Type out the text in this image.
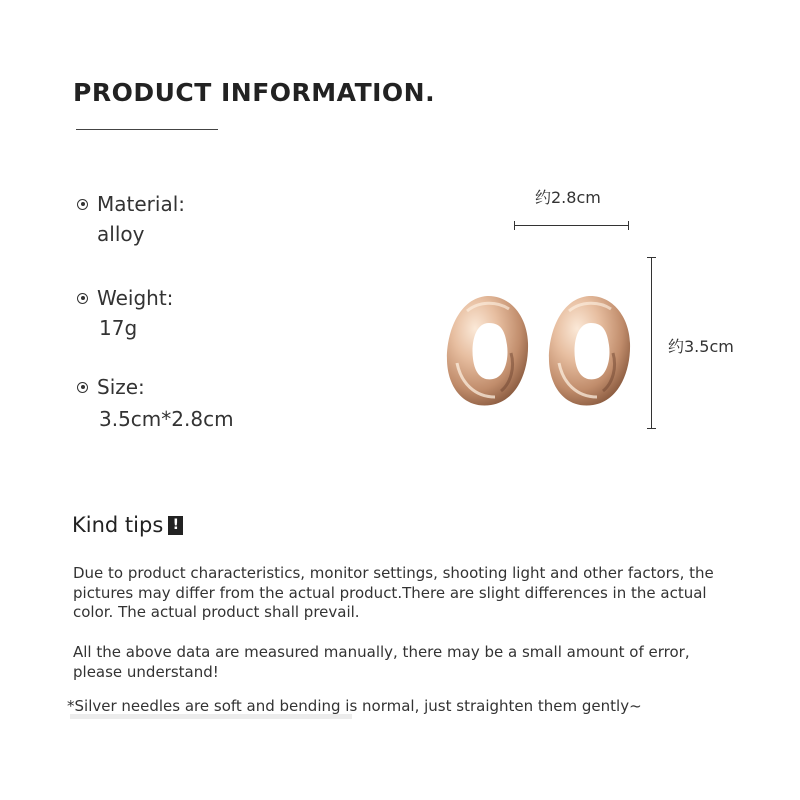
PRODUCT INFORMATION.
Material:
alloy
Weight:
17g
Size:
3.5cm*2.8cm
约2.8cm
约3.5cm
Kind tips !
Due to product characteristics, monitor settings, shooting light and other factors, the pictures may differ from the actual product.There are slight differences in the actual color. The actual product shall prevail.
All the above data are measured manually, there may be a small amount of error, please understand!
*Silver needles are soft and bending is normal, just straighten them gently~
